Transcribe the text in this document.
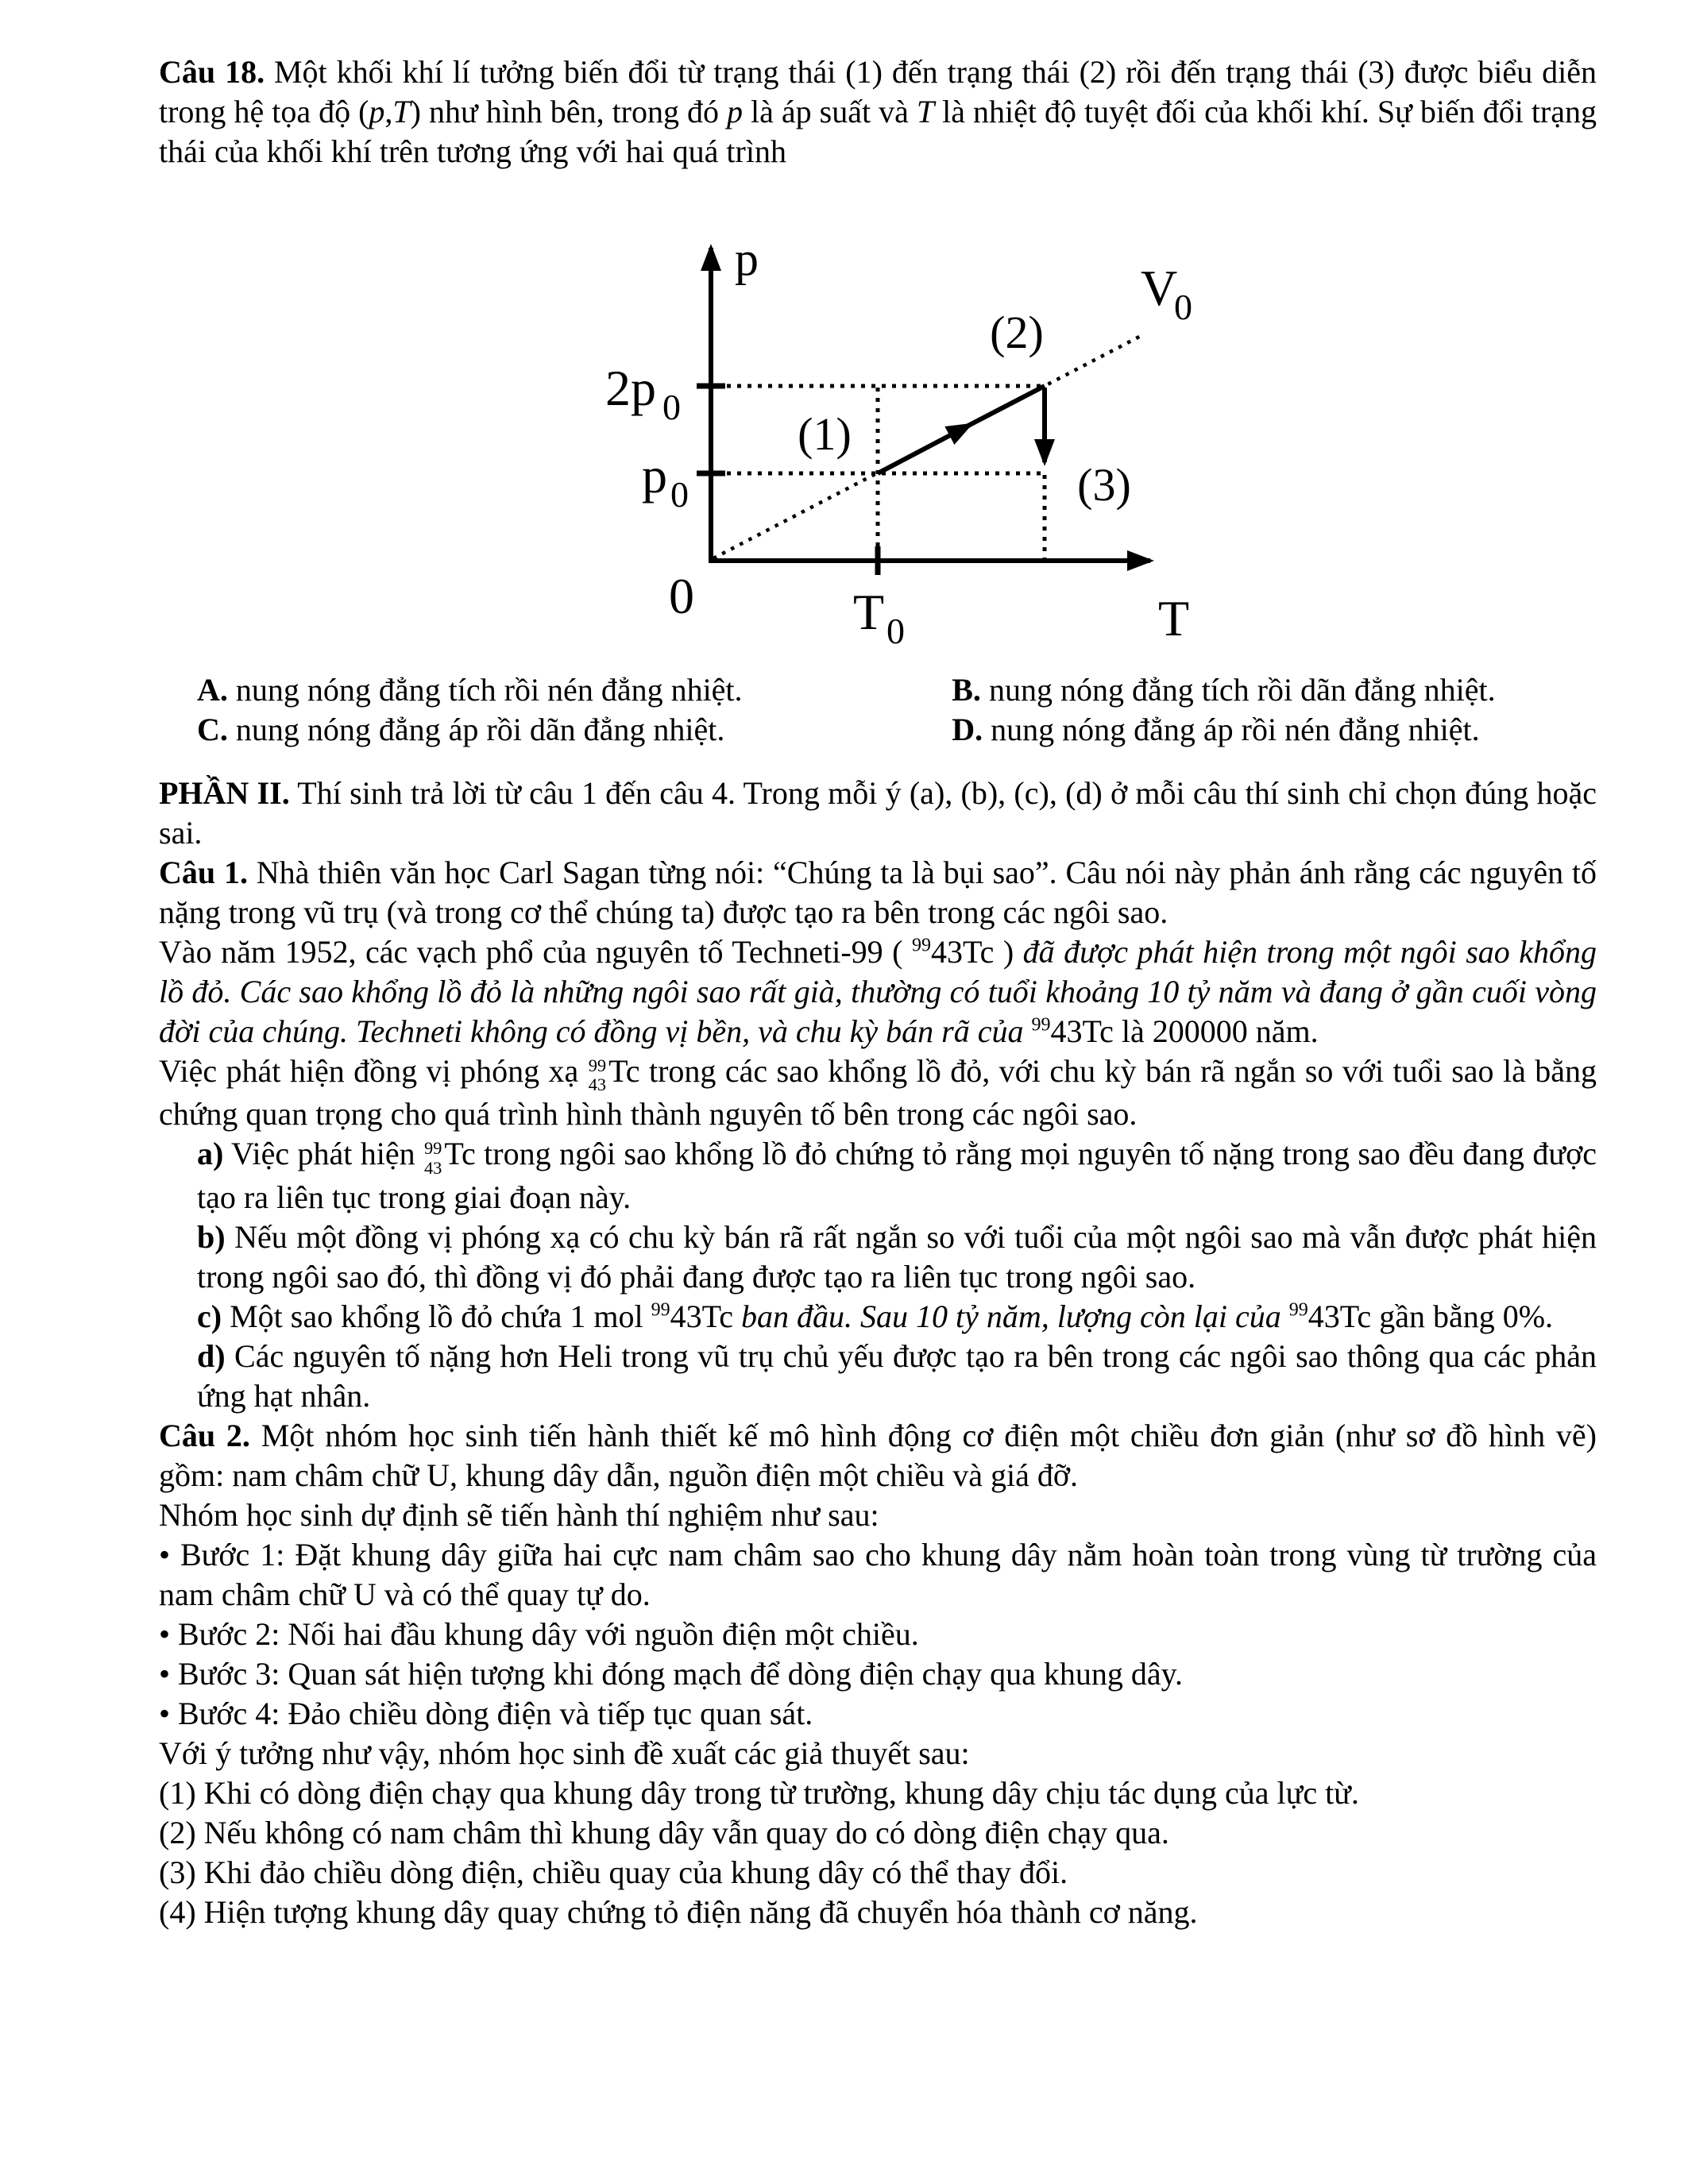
Câu 18. Một khối khí lí tưởng biến đổi từ trạng thái (1) đến trạng thái (2) rồi đến trạng thái (3) được biểu diễn trong hệ tọa độ (p,T) như hình bên, trong đó p là áp suất và T là nhiệt độ tuyệt đối của khối khí. Sự biến đổi trạng thái của khối khí trên tương ứng với hai quá trình

p
T
0
2p 0
p 0
T 0
V
0
(1)
(2)
(3)

A. nung nóng đẳng tích rồi nén đẳng nhiệt.	B. nung nóng đẳng tích rồi dãn đẳng nhiệt.

C. nung nóng đẳng áp rồi dãn đẳng nhiệt.	D. nung nóng đẳng áp rồi nén đẳng nhiệt.

PHẦN II. Thí sinh trả lời từ câu 1 đến câu 4. Trong mỗi ý (a), (b), (c), (d) ở mỗi câu thí sinh chỉ chọn đúng hoặc sai.

Câu 1. Nhà thiên văn học Carl Sagan từng nói: “Chúng ta là bụi sao”. Câu nói này phản ánh rằng các nguyên tố nặng trong vũ trụ (và trong cơ thể chúng ta) được tạo ra bên trong các ngôi sao.

Vào năm 1952, các vạch phổ của nguyên tố Techneti-99 ( $^{99}$43Tc ) đã được phát hiện trong một ngôi sao khổng lồ đỏ. Các sao khổng lồ đỏ là những ngôi sao rất già, thường có tuổi khoảng 10 tỷ năm và đang ở gần cuối vòng đời của chúng. Techneti không có đồng vị bền, và chu kỳ bán rã của $^{99}$43Tc là 200000 năm.

Việc phát hiện đồng vị phóng xạ 99
43 Tc trong các sao khổng lồ đỏ, với chu kỳ bán rã ngắn so với tuổi sao là bằng chứng quan trọng cho quá trình hình thành nguyên tố bên trong các ngôi sao.

a) Việc phát hiện 99
43 Tc trong ngôi sao khổng lồ đỏ chứng tỏ rằng mọi nguyên tố nặng trong sao đều đang được tạo ra liên tục trong giai đoạn này.

b) Nếu một đồng vị phóng xạ có chu kỳ bán rã rất ngắn so với tuổi của một ngôi sao mà vẫn được phát hiện trong ngôi sao đó, thì đồng vị đó phải đang được tạo ra liên tục trong ngôi sao.

c) Một sao khổng lồ đỏ chứa 1 mol $^{99}$43Tc ban đầu. Sau 10 tỷ năm, lượng còn lại của $^{99}$43Tc gần bằng 0%.

d) Các nguyên tố nặng hơn Heli trong vũ trụ chủ yếu được tạo ra bên trong các ngôi sao thông qua các phản ứng hạt nhân.

Câu 2. Một nhóm học sinh tiến hành thiết kế mô hình động cơ điện một chiều đơn giản (như sơ đồ hình vẽ) gồm: nam châm chữ U, khung dây dẫn, nguồn điện một chiều và giá đỡ.

Nhóm học sinh dự định sẽ tiến hành thí nghiệm như sau:

• Bước 1: Đặt khung dây giữa hai cực nam châm sao cho khung dây nằm hoàn toàn trong vùng từ trường của nam châm chữ U và có thể quay tự do.

• Bước 2: Nối hai đầu khung dây với nguồn điện một chiều.

• Bước 3: Quan sát hiện tượng khi đóng mạch để dòng điện chạy qua khung dây.

• Bước 4: Đảo chiều dòng điện và tiếp tục quan sát.

Với ý tưởng như vậy, nhóm học sinh đề xuất các giả thuyết sau:

(1) Khi có dòng điện chạy qua khung dây trong từ trường, khung dây chịu tác dụng của lực từ.

(2) Nếu không có nam châm thì khung dây vẫn quay do có dòng điện chạy qua.

(3) Khi đảo chiều dòng điện, chiều quay của khung dây có thể thay đổi.

(4) Hiện tượng khung dây quay chứng tỏ điện năng đã chuyển hóa thành cơ năng.
